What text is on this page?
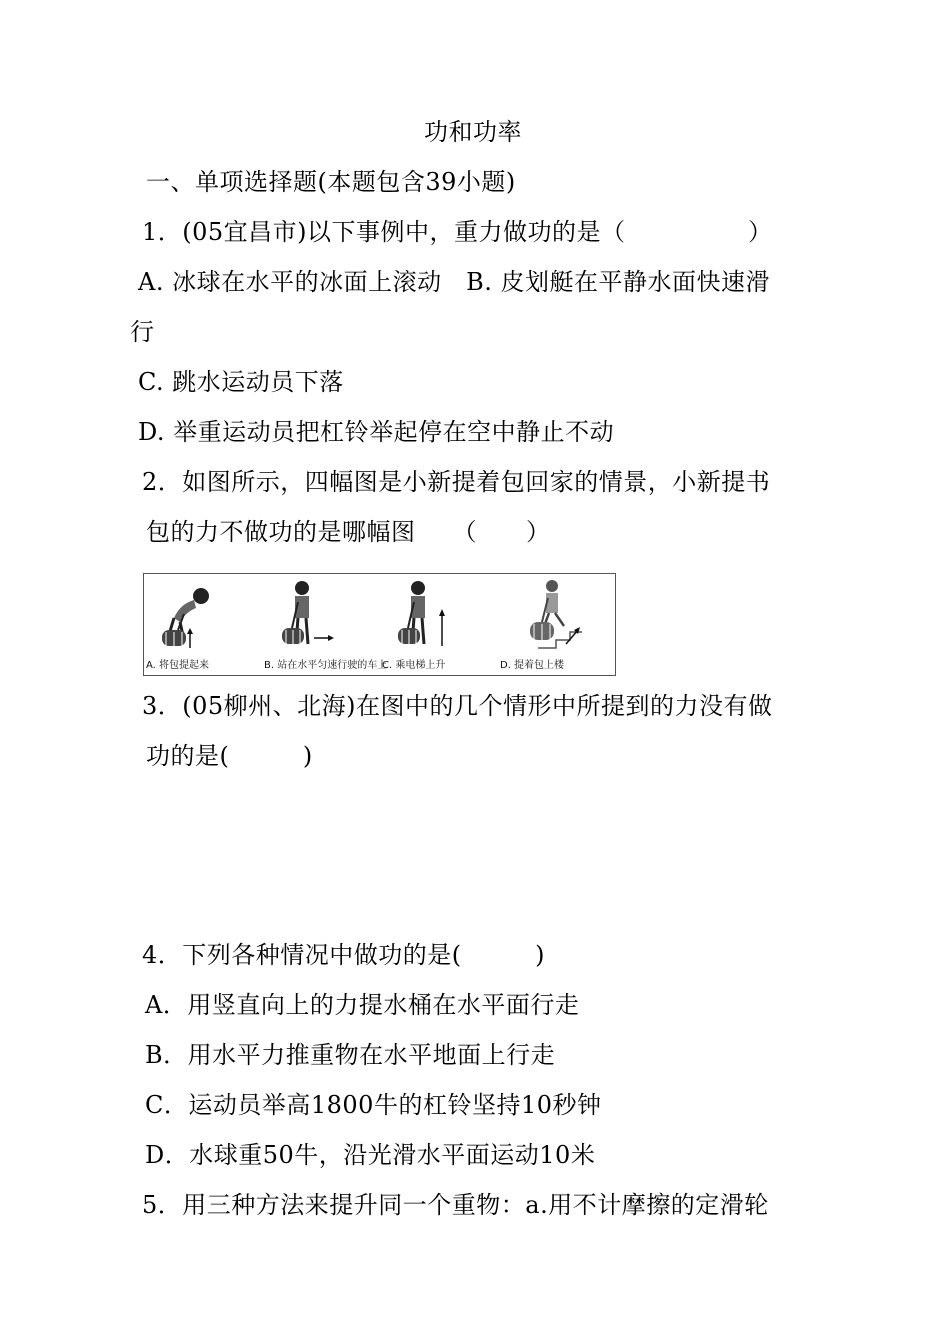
功和功率
一、单项选择题(本题包含39小题)
1．(05宜昌市)以下事例中，重力做功的是（　　　　　）
A. 冰球在水平的冰面上滚动　B. 皮划艇在平静水面快速滑
行
C. 跳水运动员下落
D. 举重运动员把杠铃举起停在空中静止不动
2．如图所示，四幅图是小新提着包回家的情景，小新提书
包的力不做功的是哪幅图　　（　　）
A. 将包提起来	B. 站在水平匀速行驶的车上
C. 乘电梯上升	D. 提着包上楼
3．(05柳州、北海)在图中的几个情形中所提到的力没有做
功的是(　　　)
4．下列各种情况中做功的是(　　　)
A．用竖直向上的力提水桶在水平面行走
B．用水平力推重物在水平地面上行走
C．运动员举高1800牛的杠铃坚持10秒钟
D．水球重50牛，沿光滑水平面运动10米
5．用三种方法来提升同一个重物：a.用不计摩擦的定滑轮
